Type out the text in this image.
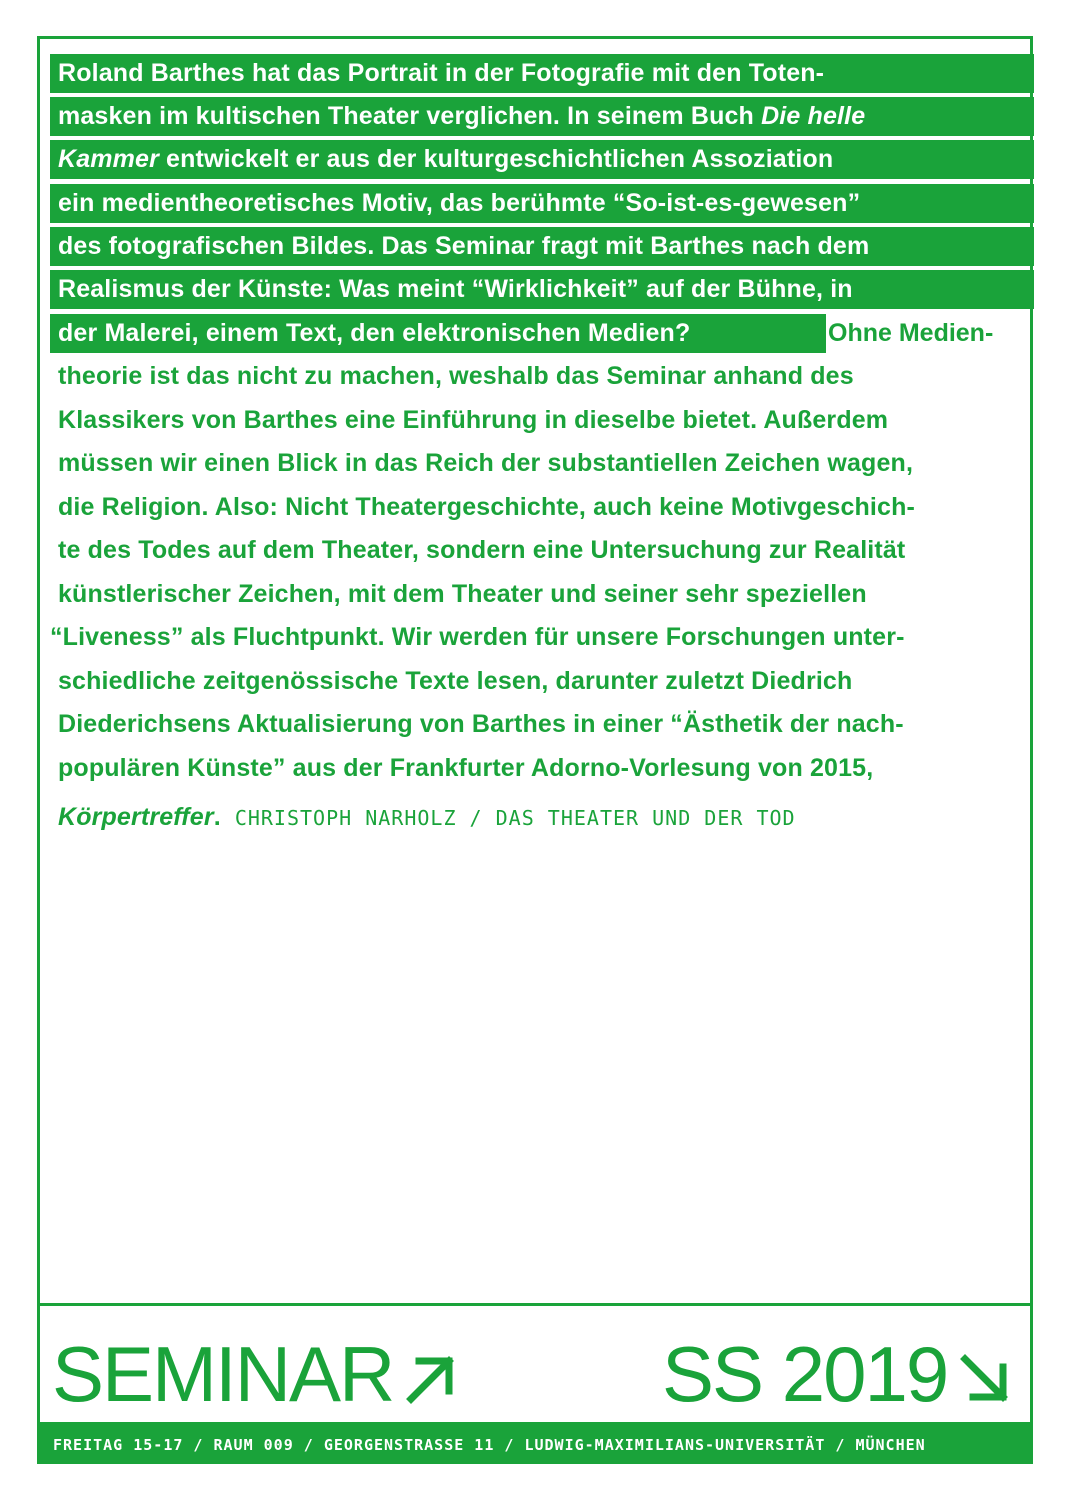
Roland Barthes hat das Portrait in der Fotografie mit den Toten-
masken im kultischen Theater verglichen. In seinem Buch Die helle
Kammer entwickelt er aus der kulturgeschichtlichen Assoziation
ein medientheoretisches Motiv, das berühmte “So-ist-es-gewesen”
des fotografischen Bildes. Das Seminar fragt mit Barthes nach dem
Realismus der Künste: Was meint “Wirklichkeit” auf der Bühne, in
der Malerei, einem Text, den elektronischen Medien?	Ohne Medien-
theorie ist das nicht zu machen, weshalb das Seminar anhand des
Klassikers von Barthes eine Einführung in dieselbe bietet. Außerdem
müssen wir einen Blick in das Reich der substantiellen Zeichen wagen,
die Religion. Also: Nicht Theatergeschichte, auch keine Motivgeschich-
te des Todes auf dem Theater, sondern eine Untersuchung zur Realität
künstlerischer Zeichen, mit dem Theater und seiner sehr speziellen
“Liveness” als Fluchtpunkt. Wir werden für unsere Forschungen unter-
schiedliche zeitgenössische Texte lesen, darunter zuletzt Diedrich
Diederichsens Aktualisierung von Barthes in einer “Ästhetik der nach-
populären Künste” aus der Frankfurter Adorno-Vorlesung von 2015,
Körpertreffer. CHRISTOPH NARHOLZ / DAS THEATER UND DER TOD
SEMINAR	SS 2019
FREITAG 15-17 / RAUM 009 / GEORGENSTRASSE 11 / LUDWIG-MAXIMILIANS-UNIVERSITÄT / MÜNCHEN
